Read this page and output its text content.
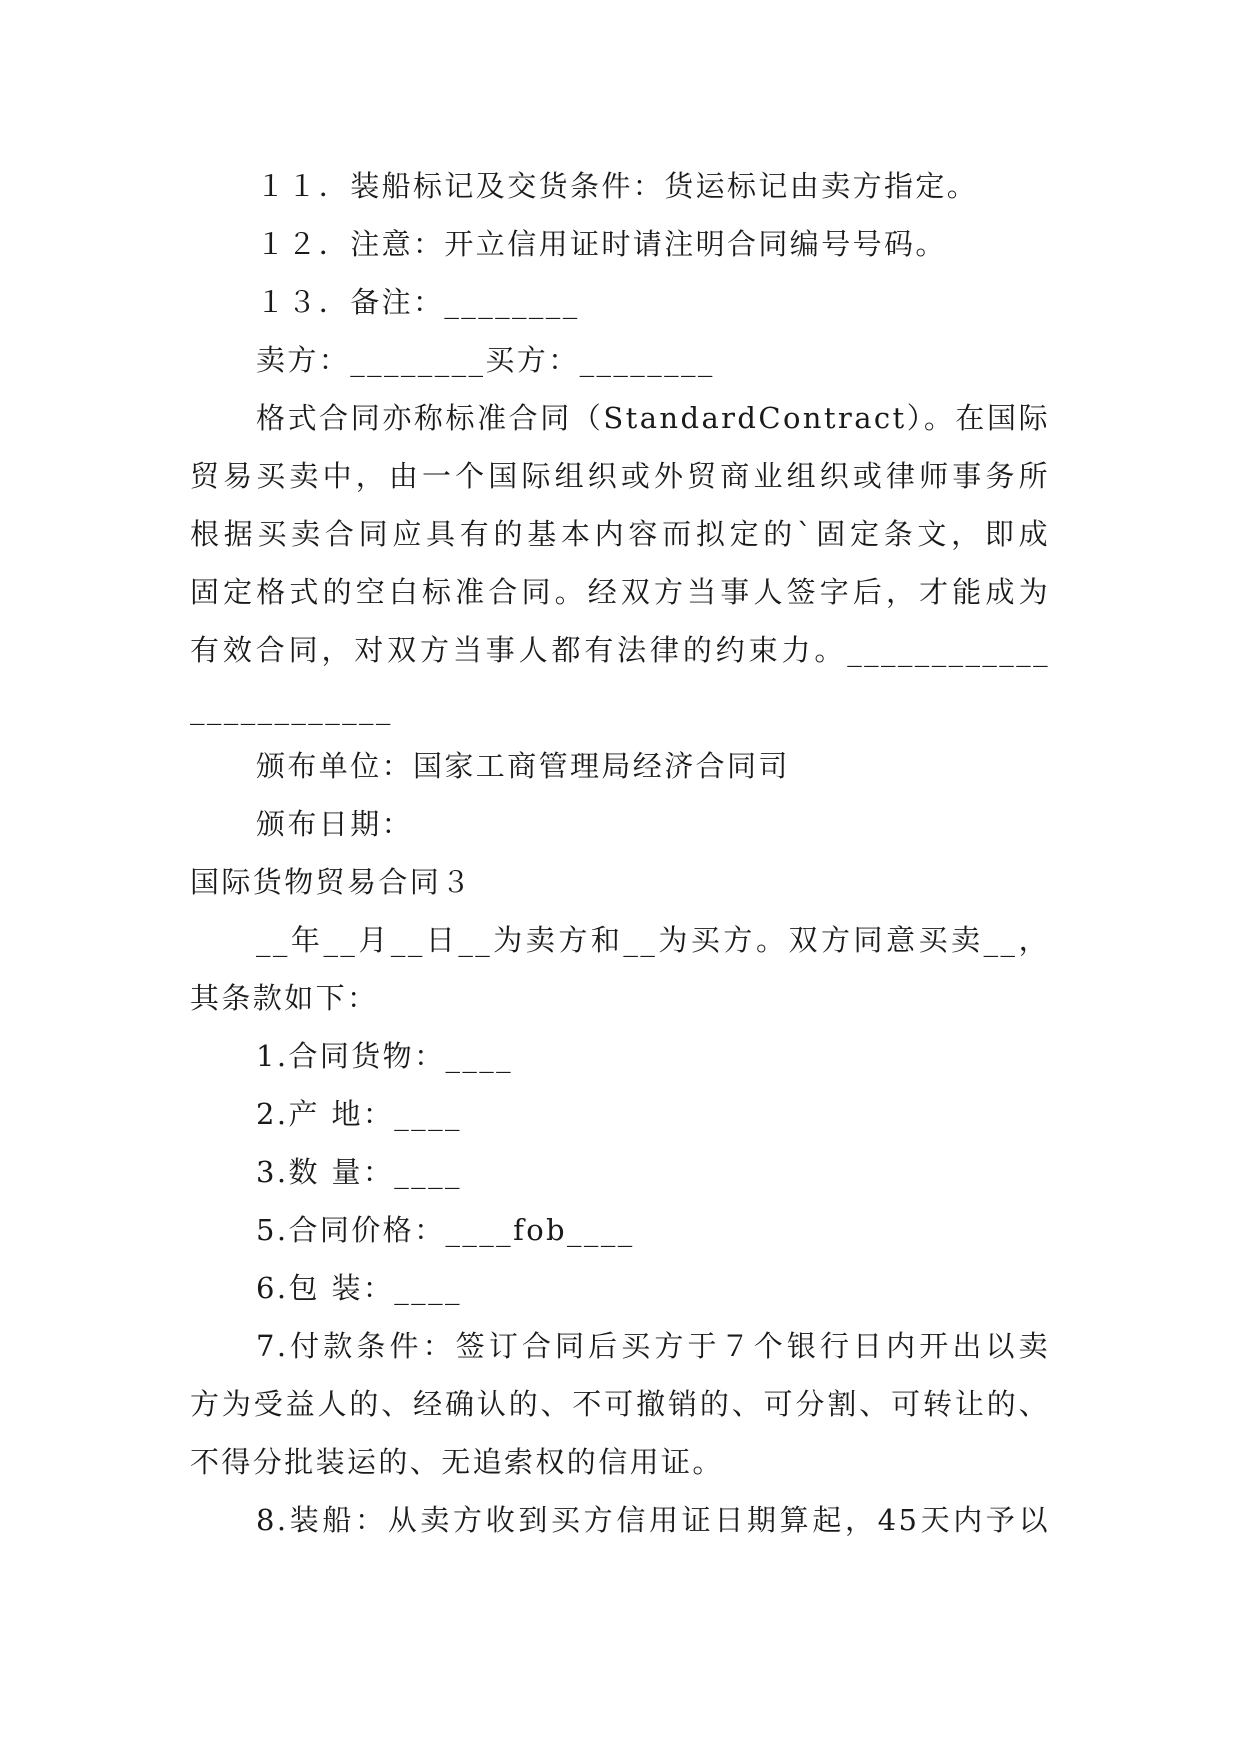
１１．装船标记及交货条件：货运标记由卖方指定。
１２．注意：开立信用证时请注明合同编号号码。
１３．备注：________
卖方：________买方：________
格式合同亦称标准合同（StandardContract）。在国际
贸易买卖中，由一个国际组织或外贸商业组织或律师事务所
根据买卖合同应具有的基本内容而拟定的`固定条文，即成
固定格式的空白标准合同。经双方当事人签字后，才能成为
有效合同，对双方当事人都有法律的约束力。____________
____________
颁布单位：国家工商管理局经济合同司
颁布日期：
国际货物贸易合同３
__年__月__日__为卖方和__为买方。双方同意买卖__，
其条款如下：
1.合同货物：____
2.产 地：____
3.数 量：____
5.合同价格：____fob____
6.包 装：____
7.付款条件：签订合同后买方于７个银行日内开出以卖
方为受益人的、经确认的、不可撤销的、可分割、可转让的、
不得分批装运的、无追索权的信用证。
8.装船：从卖方收到买方信用证日期算起，45天内予以
